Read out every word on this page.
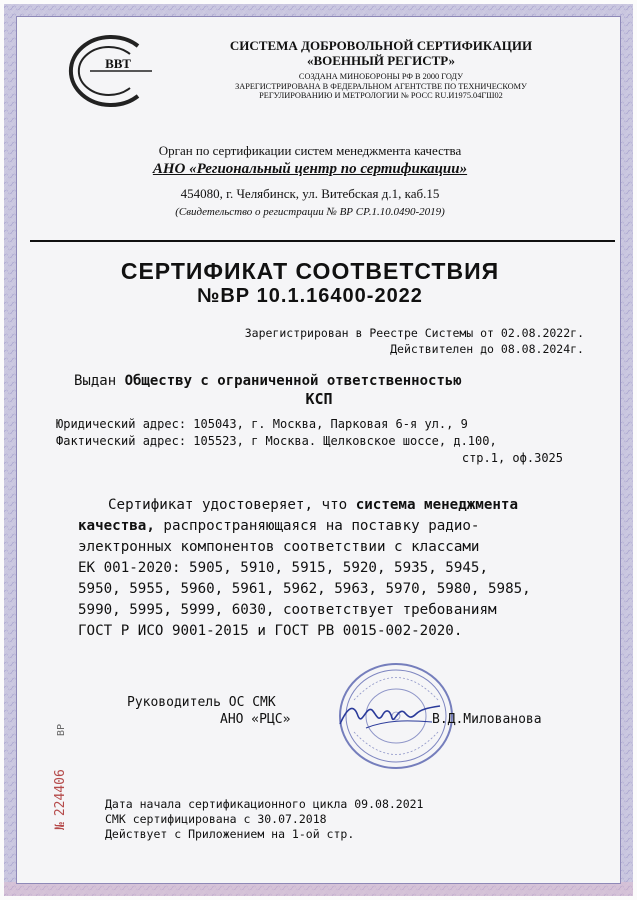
ВВТ
СИСТЕМА ДОБРОВОЛЬНОЙ СЕРТИФИКАЦИИ
«ВОЕННЫЙ РЕГИСТР»
СОЗДАНА МИНОБОРОНЫ РФ В 2000 ГОДУ
ЗАРЕГИСТРИРОВАНА В ФЕДЕРАЛЬНОМ АГЕНТСТВЕ ПО ТЕХНИЧЕСКОМУ
РЕГУЛИРОВАНИЮ И МЕТРОЛОГИИ № РОСС RU.И1975.04ГШ02
Орган по сертификации систем менеджмента качества
АНО «Региональный центр по сертификации»
454080, г. Челябинск, ул. Витебская д.1, каб.15
(Свидетельство о регистрации № ВР СР.1.10.0490-2019)
СЕРТИФИКАТ СООТВЕТСТВИЯ
№ВР 10.1.16400-2022
Зарегистрирован в Реестре Системы от 02.08.2022г.
Действителен до 08.08.2024г.
Выдан Обществу с ограниченной ответственностью
КСП
Юридический адрес: 105043, г. Москва, Парковая 6-я ул., 9
Фактический адрес: 105523, г Москва. Щелковское шоссе, д.100,
стр.1, оф.3025
Сертификат удостоверяет, что система менеджмента
качества, распространяющаяся на поставку радио-
электронных компонентов соответствии с классами
ЕК 001-2020: 5905, 5910, 5915, 5920, 5935, 5945,
5950, 5955, 5960, 5961, 5962, 5963, 5970, 5980, 5985,
5990, 5995, 5999, 6030, соответствует требованиям
ГОСТ Р ИСО 9001-2015 и ГОСТ РВ 0015-002-2020.
Руководитель ОС СМК
АНО «РЦС»	В.Д.Милованова
№224406
ВР
Дата начала сертификационного цикла 09.08.2021
СМК сертифицирована с 30.07.2018
Действует с Приложением на 1-ой стр.
